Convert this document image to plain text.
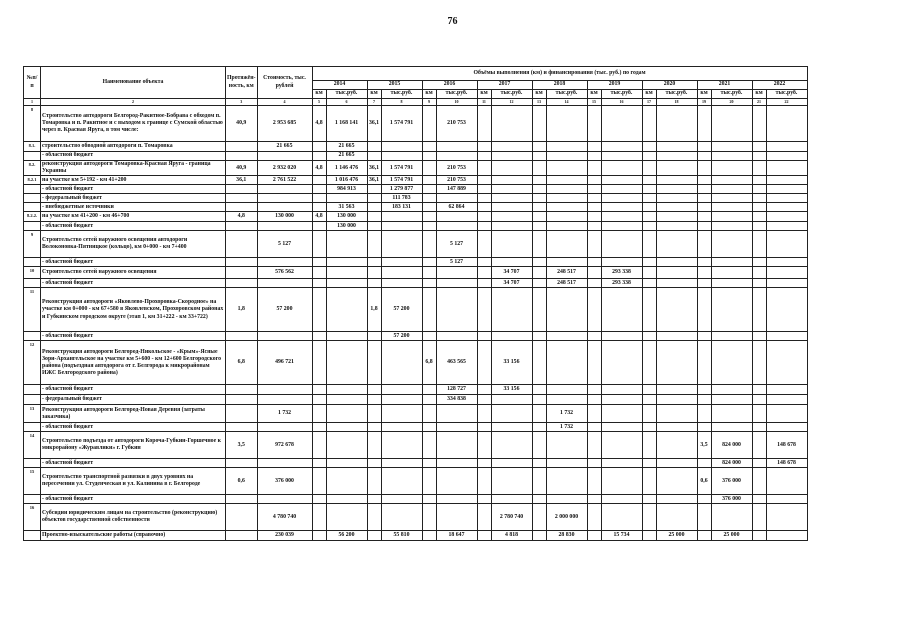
76
№п/п	Наименование объекта	Протяжён-ность, км	Стоимость, тыс. рублей	Объёмы выполнения (км) и финансирования (тыс. руб.) по годам																	
				2014		2015		2016		2017		2018		2019		2020		2021		2022	
				км	тыс.руб.	км	тыс.руб.	км	тыс.руб.	км	тыс.руб.	км	тыс.руб.	км	тыс.руб.	км	тыс.руб.	км	тыс.руб.	км	тыс.руб.
1	2	3	4	5	6	7	8	9	10	11	12	13	14	15	16	17	18	19	20	21	22
8	Строительство автодороги Белгород-Ракитное-Бобрава с обходом п. Томаровка и п. Ракитное и с выходом к границе с Сумской областью через п. Красная Яруга, в том числе:	40,9	2 953 685	4,8	1 168 141	36,1	1 574 791		210 753												
8.1.	строительство обводной автодороги п. Томаровка		21 665		21 665																
	- областной бюджет				21 665																
8.2.	реконструкция автодороги Томаровка-Красная Яруга - граница Украины	40,9	2 932 020	4,8	1 146 476	36,1	1 574 791		210 753												
8.2.1	на участке км 5+192 - км 41+200	36,1	2 761 522		1 016 476	36,1	1 574 791		210 753												
	- областной бюджет				984 913		1 279 877		147 889												
	- федеральный бюджет						111 783														
	- внебюджетные источники				31 563		183 131		62 864												
8.2.2.	на участке км 41+200 - км 46+700	4,8	130 000	4,8	130 000																
	- областной бюджет				130 000																
9	Строительство сетей наружного освещения автодороги Волоконовка-Пятницкое (кольцо), км 0+000 - км 7+400		5 127						5 127												
	- областной бюджет								5 127												
10	Строительство сетей наружного освещения		576 562								34 707		248 517		293 338						
	- областной бюджет										34 707		248 517		293 338						
11	Реконструкция автодороги «Яковлево-Прохоровка-Скородное» на участке км 0+000 - км 67+580 в Яковлевском, Прохоровском районах и Губкинском городском округе (этап 1, км 31+222 - км 33+722)	1,8	57 200			1,8	57 200														
	- областной бюджет						57 200														
12	Реконструкция автодороги Белгород-Никольское - «Крым»-Ясные Зори-Архангельское на участке км 5+600 - км 12+600 Белгородского района (подъездная автодорога от г. Белгорода к микрорайонам ИЖС Белгородского района)	6,8	496 721					6,8	463 565		33 156										
	- областной бюджет								128 727		33 156										
	- федеральный бюджет								334 838												
13	Реконструкция автодороги Белгород-Новая Деревня (затраты заказчика)		1 732										1 732								
	- областной бюджет												1 732								
14	Строительство подъезда от автодороги Короча-Губкин-Горшечное к микрорайону «Журавлики» г. Губкин	3,5	972 678															3,5	824 000		148 678
	- областной бюджет																		824 000		148 678
15	Строительство транспортной развязки в двух уровнях на пересечении ул. Студенческая и ул. Калинина в г. Белгороде	0,6	376 000															0,6	376 000		
	- областной бюджет																		376 000		
16	Субсидии юридическим лицам на строительство (реконструкцию) объектов государственной собственности		4 780 740								2 780 740		2 000 000								
	Проектно-изыскательские работы (справочно)		230 039		56 200		55 810		18 647		4 818		28 830		15 734		25 000		25 000		
